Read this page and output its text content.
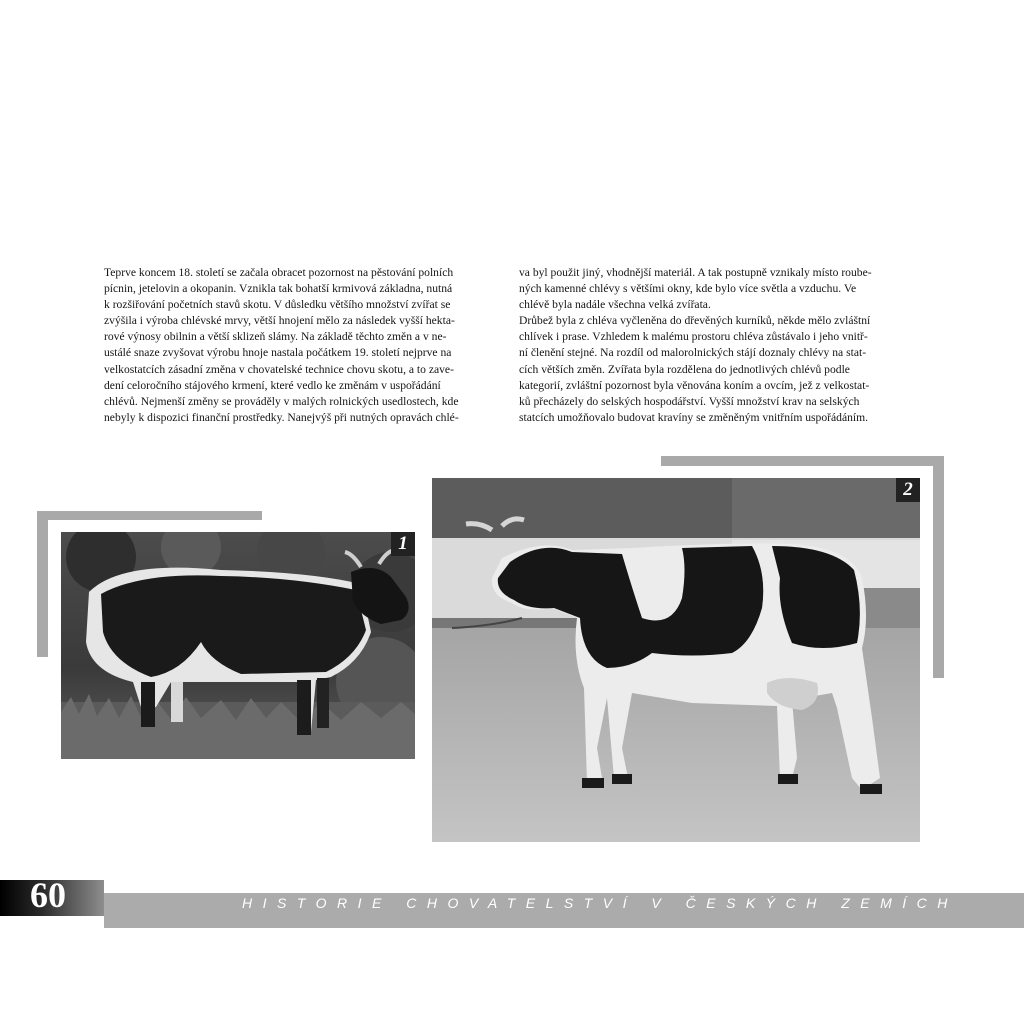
Teprve koncem 18. století se začala obracet pozornost na pěstování polních

pícnin, jetelovin a okopanin. Vznikla tak bohatší krmivová základna, nutná

k rozšiřování početních stavů skotu. V důsledku většího množství zvířat se

zvýšila i výroba chlévské mrvy, větší hnojení mělo za následek vyšší hekta-

rové výnosy obilnin a větší sklizeň slámy. Na základě těchto změn a v ne-

ustálé snaze zvyšovat výrobu hnoje nastala počátkem 19. století nejprve na

velkostatcích zásadní změna v chovatelské technice chovu skotu, a to zave-

dení celoročního stájového krmení, které vedlo ke změnám v uspořádání

chlévů. Nejmenší změny se prováděly v malých rolnických usedlostech, kde

nebyly k dispozici finanční prostředky. Nanejvýš při nutných opravách chlé-

va byl použit jiný, vhodnější materiál. A tak postupně vznikaly místo roube-

ných kamenné chlévy s většími okny, kde bylo více světla a vzduchu. Ve

chlévě byla nadále všechna velká zvířata.

Drůbež byla z chléva vyčleněna do dřevěných kurníků, někde mělo zvláštní

chlívek i prase. Vzhledem k malému prostoru chléva zůstávalo i jeho vnitř-

ní členění stejné. Na rozdíl od malorolnických stájí doznaly chlévy na stat-

cích větších změn. Zvířata byla rozdělena do jednotlivých chlévů podle

kategorií, zvláštní pozornost byla věnována koním a ovcím, jež z velkostat-

ků přecházely do selských hospodářství. Vyšší množství krav na selských

statcích umožňovalo budovat kravíny se změněným vnitřním uspořádáním.

1
2
HISTORIE CHOVATELSTVÍ V ČESKÝCH ZEMÍCH
60
